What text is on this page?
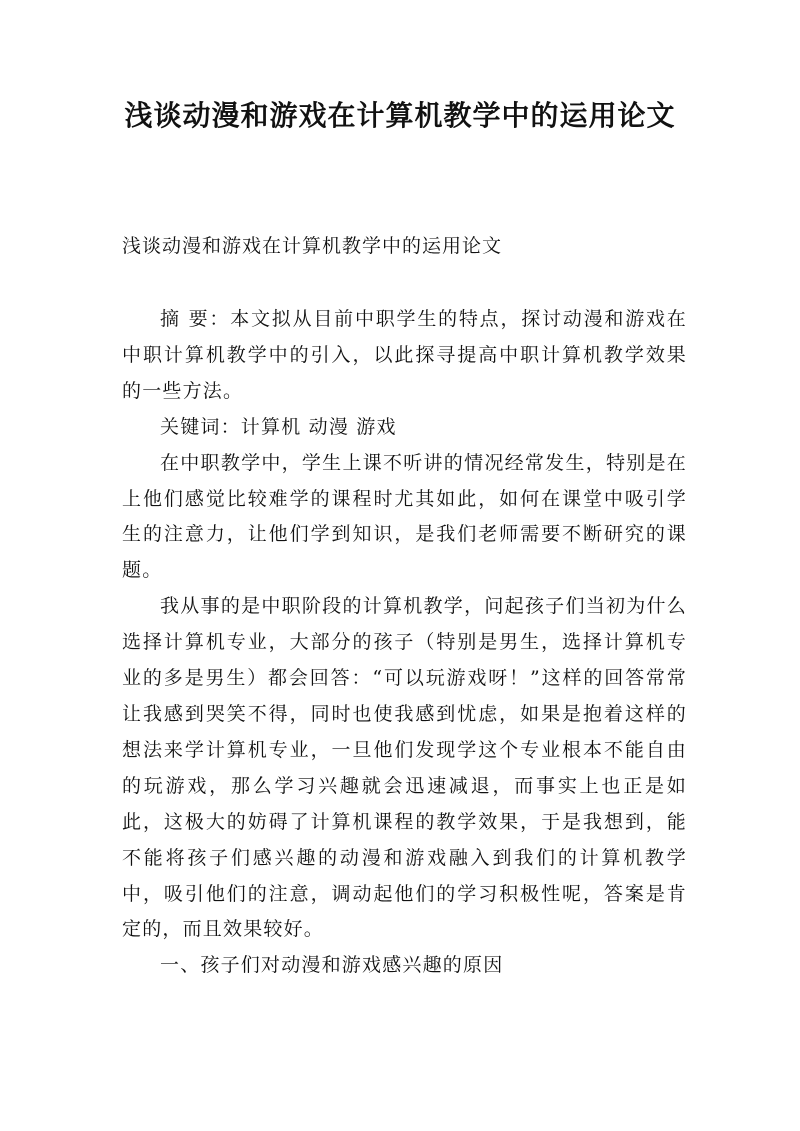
浅谈动漫和游戏在计算机教学中的运用论文

浅谈动漫和游戏在计算机教学中的运用论文

摘 要：本文拟从目前中职学生的特点，探讨动漫和游戏在中职计算机教学中的引入，以此探寻提高中职计算机教学效果的一些方法。

关键词：计算机 动漫 游戏

在中职教学中，学生上课不听讲的情况经常发生，特别是在上他们感觉比较难学的课程时尤其如此，如何在课堂中吸引学生的注意力，让他们学到知识，是我们老师需要不断研究的课题。

我从事的是中职阶段的计算机教学，问起孩子们当初为什么选择计算机专业，大部分的孩子（特别是男生，选择计算机专业的多是男生）都会回答：“可以玩游戏呀！”这样的回答常常让我感到哭笑不得，同时也使我感到忧虑，如果是抱着这样的想法来学计算机专业，一旦他们发现学这个专业根本不能自由的玩游戏，那么学习兴趣就会迅速减退，而事实上也正是如此，这极大的妨碍了计算机课程的教学效果，于是我想到，能不能将孩子们感兴趣的动漫和游戏融入到我们的计算机教学中，吸引他们的注意，调动起他们的学习积极性呢，答案是肯定的，而且效果较好。

一、孩子们对动漫和游戏感兴趣的原因
